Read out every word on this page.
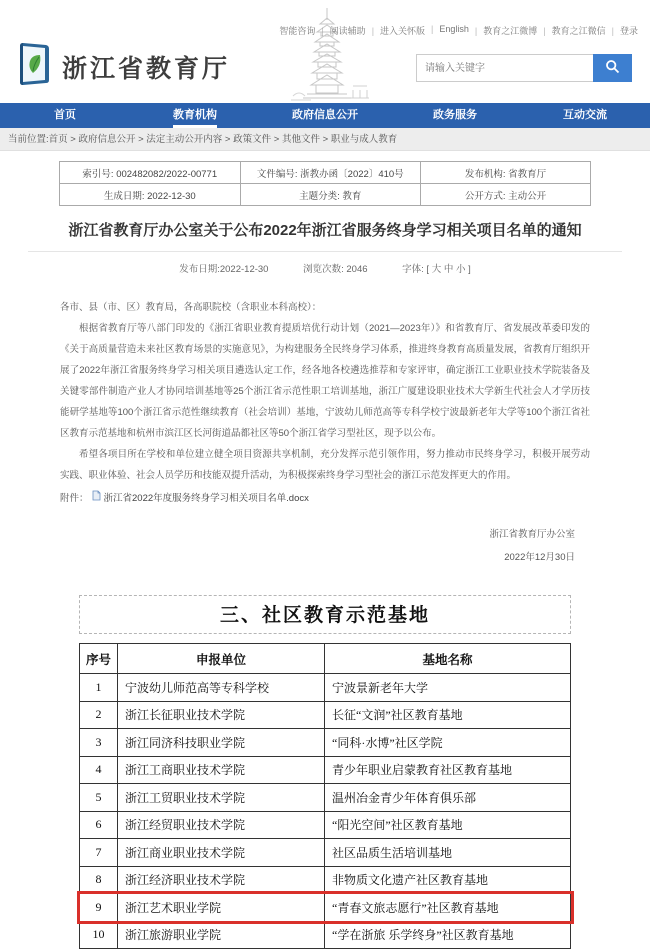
智能咨询	| 阅读辅助	| 进入关怀版	| English	| 教育之江微博	| 教育之江微信	| 登录
浙江省教育厅
请输入关键字
首页	教育机构	政府信息公开	政务服务	互动交流
当前位置:首页 > 政府信息公开 > 法定主动公开内容 > 政策文件 > 其他文件 > 职业与成人教育
索引号: 002482082/2022-00771	文件编号: 浙教办函〔2022〕410号	发布机构: 省教育厅
生成日期: 2022-12-30	主题分类: 教育	公开方式: 主动公开
浙江省教育厅办公室关于公布2022年浙江省服务终身学习相关项目名单的通知
发布日期:2022-12-30	浏览次数: 2046	字体: [ 大 中 小 ]

各市、县（市、区）教育局，各高职院校（含职业本科高校）：

根据省教育厅等八部门印发的《浙江省职业教育提质培优行动计划（2021—2023年）》和省教育厅、省发展改革委印发的《关于高质量营造未来社区教育场景的实施意见》，为构建服务全民终身学习体系，推进终身教育高质量发展，省教育厅组织开展了2022年浙江省服务终身学习相关项目遴选认定工作，经各地各校遴选推荐和专家评审，确定浙江工业职业技术学院装备及关键零部件制造产业人才协同培训基地等25个浙江省示范性职工培训基地，浙江广厦建设职业技术大学新生代社会人才学历技能研学基地等100个浙江省示范性继续教育（社会培训）基地，宁波幼儿师范高等专科学校宁波最新老年大学等100个浙江省社区教育示范基地和杭州市滨江区长河街道晶都社区等50个浙江省学习型社区，现予以公布。

希望各项目所在学校和单位建立健全项目资源共享机制，充分发挥示范引领作用，努力推动市民终身学习，积极开展劳动实践、职业体验、社会人员学历和技能双提升活动，为积极探索终身学习型社会的浙江示范发挥更大的作用。

附件： 浙江省2022年度服务终身学习相关项目名单.docx

浙江省教育厅办公室
2022年12月30日
三、社区教育示范基地
序号	申报单位	基地名称
1	宁波幼儿师范高等专科学校	宁波景新老年大学
2	浙江长征职业技术学院	长征“文润”社区教育基地
3	浙江同济科技职业学院	“同科·水博”社区学院
4	浙江工商职业技术学院	青少年职业启蒙教育社区教育基地
5	浙江工贸职业技术学院	温州冶金青少年体育俱乐部
6	浙江经贸职业技术学院	“阳光空间”社区教育基地
7	浙江商业职业技术学院	社区品质生活培训基地
8	浙江经济职业技术学院	非物质文化遗产社区教育基地
9	浙江艺术职业学院	“青春文旅志愿行”社区教育基地
10	浙江旅游职业学院	“学在浙旅 乐学终身”社区教育基地
